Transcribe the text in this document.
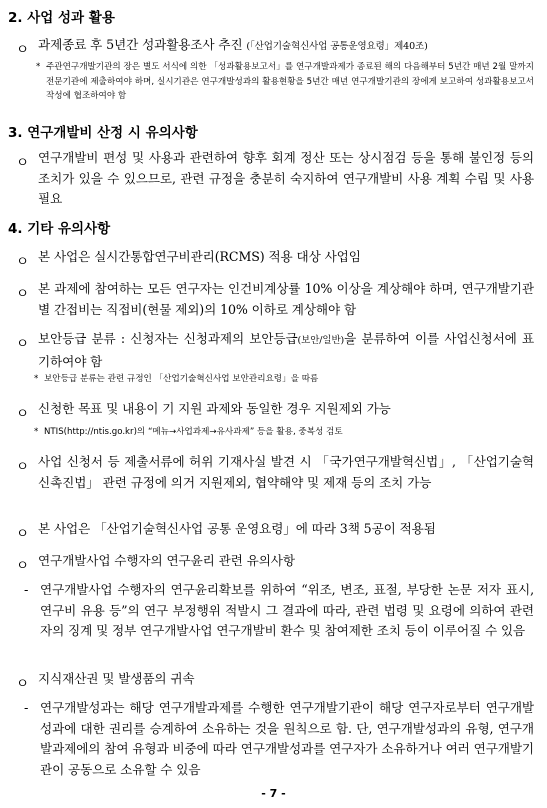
2. 사업 성과 활용
ㅇ 과제종료 후 5년간 성과활용조사 추진 (「산업기술혁신사업 공통운영요령」제40조)
* 주관연구개발기관의 장은 별도 서식에 의한 「성과활용보고서」를 연구개발과제가 종료된 해의 다음해부터 5년간 매년 2월 말까지 전문기관에 제출하여야 하며, 실시기관은 연구개발성과의 활용현황을 5년간 매년 연구개발기관의 장에게 보고하여 성과활용보고서 작성에 협조하여야 함
3. 연구개발비 산정 시 유의사항
ㅇ 연구개발비 편성 및 사용과 관련하여 향후 회계 정산 또는 상시점검 등을 통해 불인정 등의 조치가 있을 수 있으므로, 관련 규정을 충분히 숙지하여 연구개발비 사용 계획 수립 및 사용 필요
4. 기타 유의사항
ㅇ 본 사업은 실시간통합연구비관리(RCMS) 적용 대상 사업임
ㅇ 본 과제에 참여하는 모든 연구자는 인건비계상률 10% 이상을 계상해야 하며, 연구개발기관별 간접비는 직접비(현물 제외)의 10% 이하로 계상해야 함
ㅇ 보안등급 분류 : 신청자는 신청과제의 보안등급(보안/일반)을 분류하여 이를 사업신청서에 표기하여야 함
* 보안등급 분류는 관련 규정인 「산업기술혁신사업 보안관리요령」을 따름
ㅇ 신청한 목표 및 내용이 기 지원 과제와 동일한 경우 지원제외 가능
* NTIS(http://ntis.go.kr)의 “메뉴→사업과제→유사과제” 등을 활용, 중복성 검토
ㅇ 사업 신청서 등 제출서류에 허위 기재사실 발견 시 「국가연구개발혁신법」, 「산업기술혁신촉진법」 관련 규정에 의거 지원제외, 협약해약 및 제재 등의 조치 가능
ㅇ 본 사업은 「산업기술혁신사업 공통 운영요령」에 따라 3책 5공이 적용됨
ㅇ 연구개발사업 수행자의 연구윤리 관련 유의사항
- 연구개발사업 수행자의 연구윤리확보를 위하여 “위조, 변조, 표절, 부당한 논문 저자 표시, 연구비 유용 등”의 연구 부정행위 적발시 그 결과에 따라, 관련 법령 및 요령에 의하여 관련자의 징계 및 정부 연구개발사업 연구개발비 환수 및 참여제한 조치 등이 이루어질 수 있음
ㅇ 지식재산권 및 발생품의 귀속
- 연구개발성과는 해당 연구개발과제를 수행한 연구개발기관이 해당 연구자로부터 연구개발성과에 대한 권리를 승계하여 소유하는 것을 원칙으로 함. 단, 연구개발성과의 유형, 연구개발과제에의 참여 유형과 비중에 따라 연구개발성과를 연구자가 소유하거나 여러 연구개발기관이 공동으로 소유할 수 있음
- 7 -
